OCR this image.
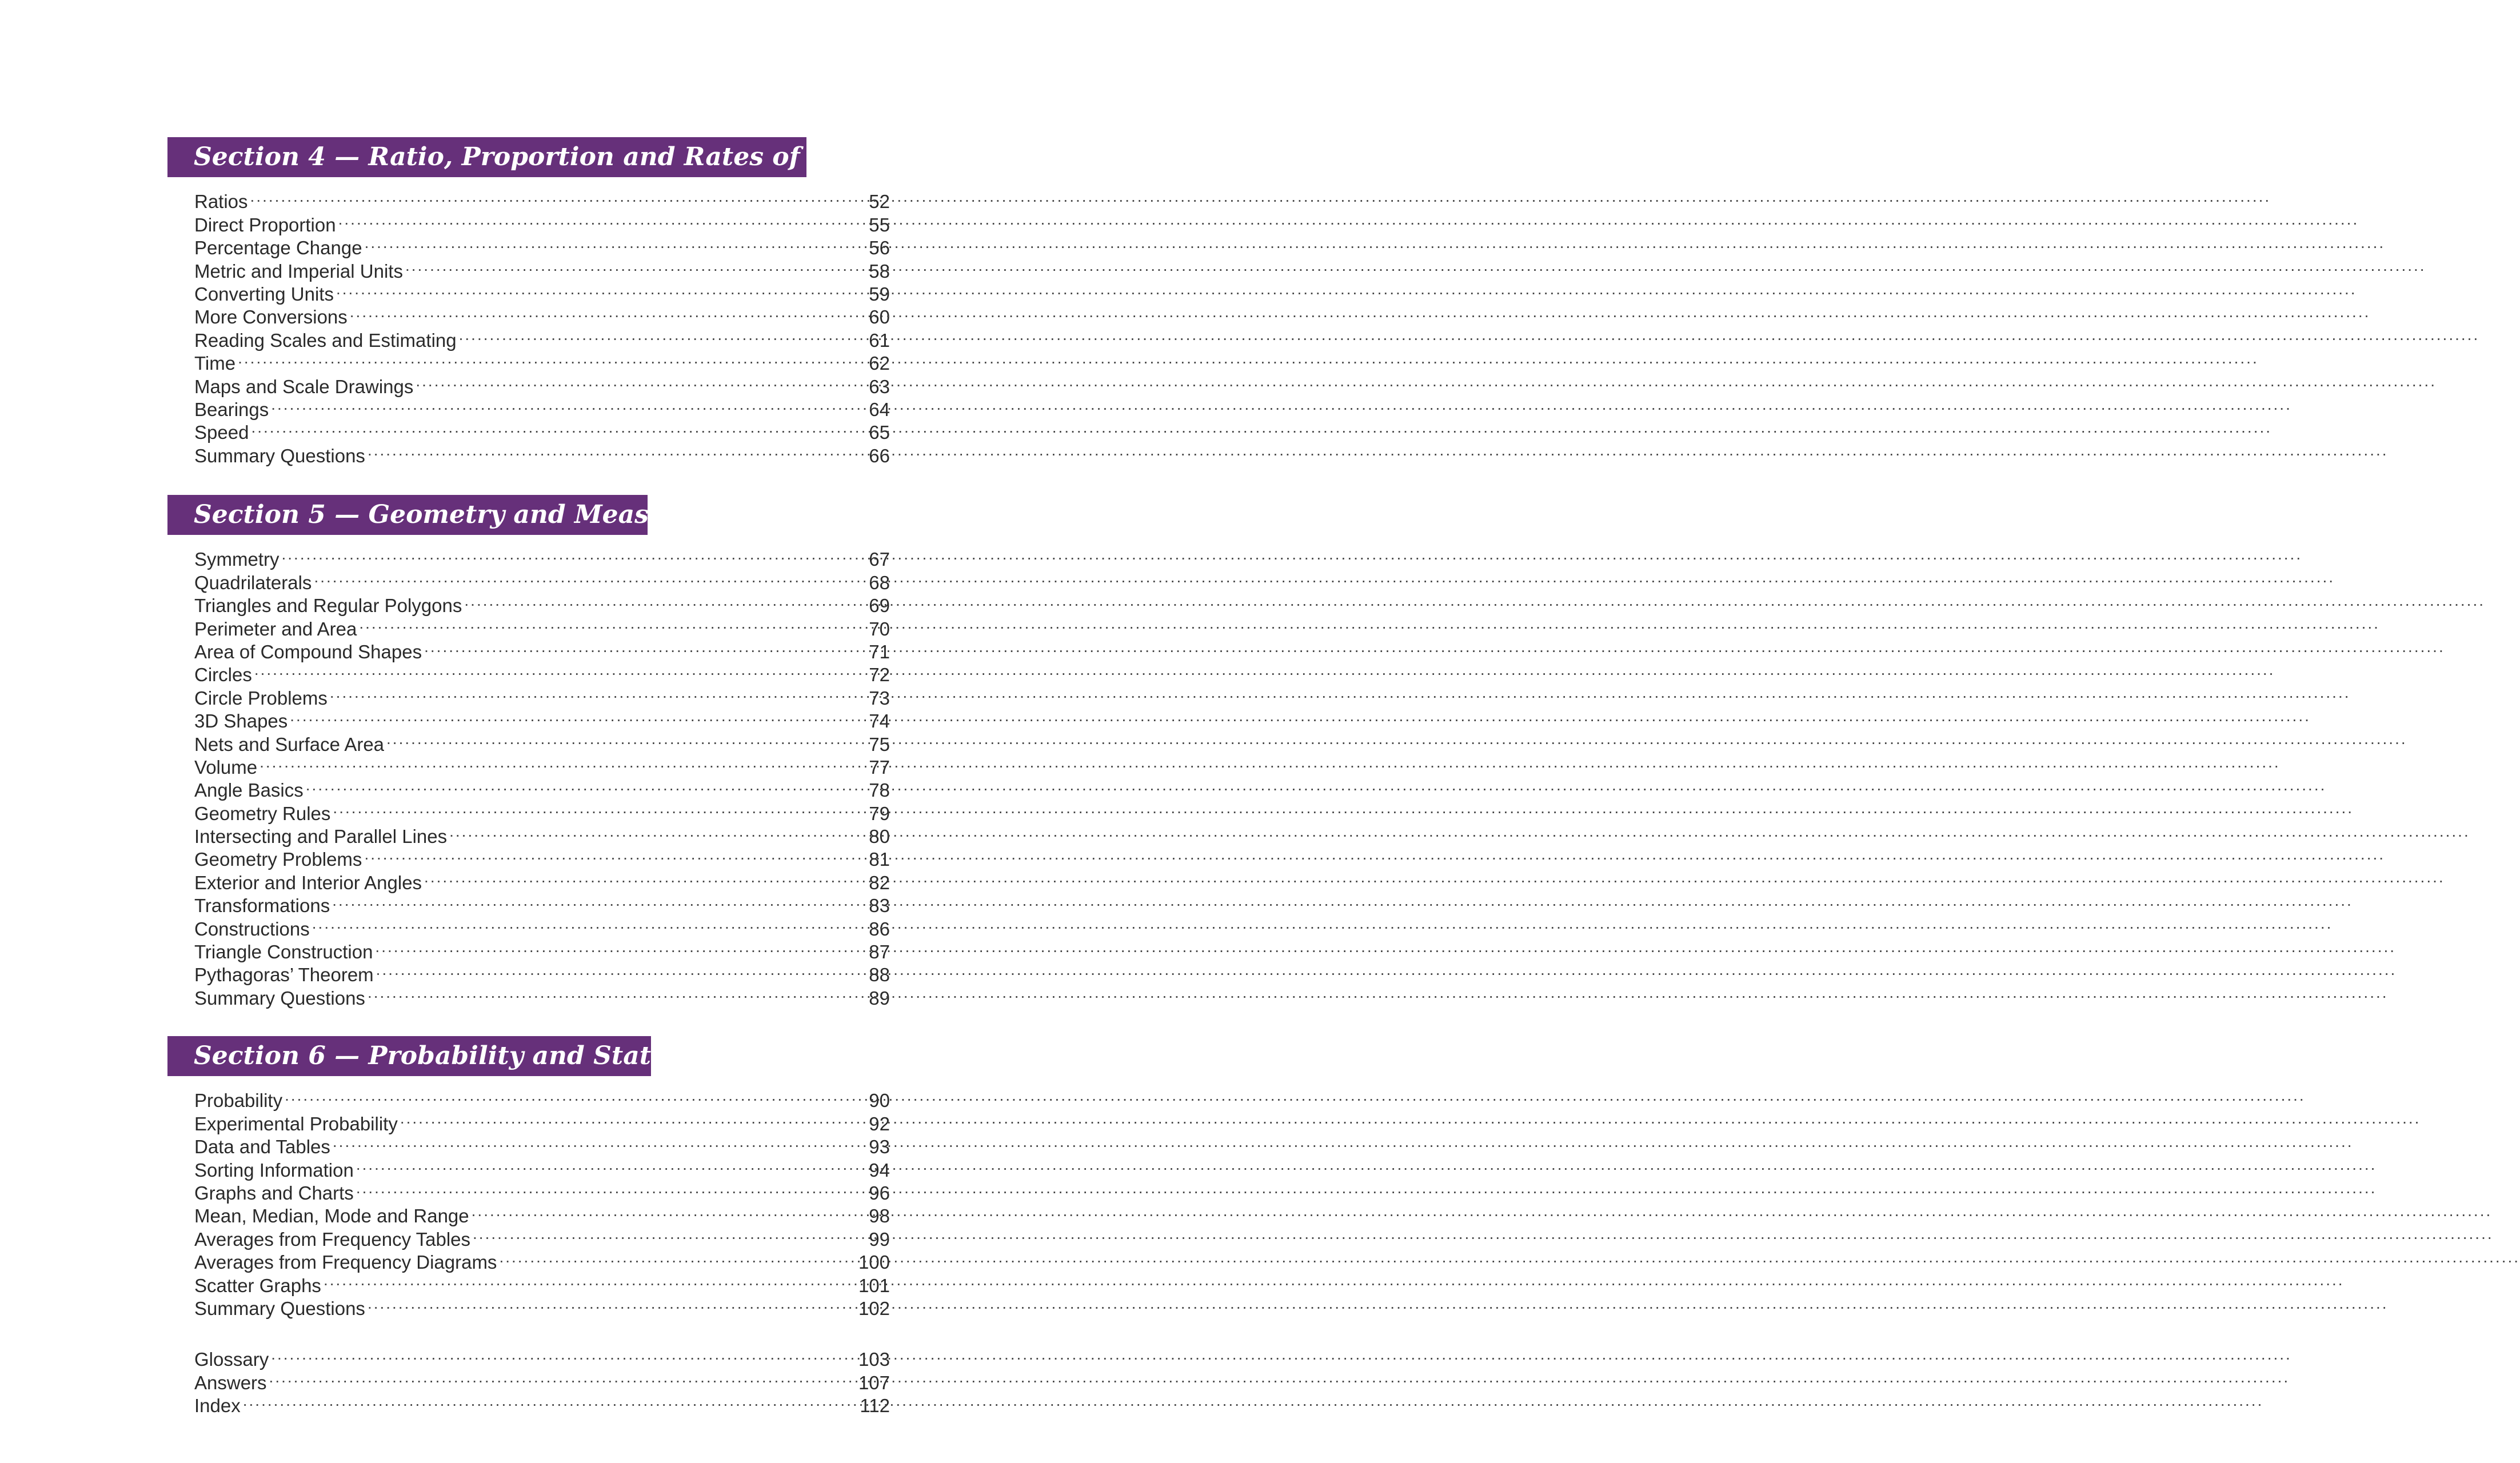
Section 4 — Ratio, Proportion and Rates of Change
Ratios .....	52
Direct Proportion .....	55
Percentage Change .....	56
Metric and Imperial Units .....	58
Converting Units .....	59
More Conversions .....	60
Reading Scales and Estimating .....	61
Time .....	62
Maps and Scale Drawings .....	63
Bearings .....	64
Speed .....	65
Summary Questions .....	66
Section 5 — Geometry and Measures
Symmetry .....	67
Quadrilaterals .....	68
Triangles and Regular Polygons .....	69
Perimeter and Area .....	70
Area of Compound Shapes .....	71
Circles .....	72
Circle Problems .....	73
3D Shapes .....	74
Nets and Surface Area .....	75
Volume .....	77
Angle Basics .....	78
Geometry Rules .....	79
Intersecting and Parallel Lines .....	80
Geometry Problems .....	81
Exterior and Interior Angles .....	82
Transformations .....	83
Constructions .....	86
Triangle Construction .....	87
Pythagoras’ Theorem .....	88
Summary Questions .....	89
Section 6 — Probability and Statistics
Probability .....	90
Experimental Probability .....	92
Data and Tables .....	93
Sorting Information .....	94
Graphs and Charts .....	96
Mean, Median, Mode and Range .....	98
Averages from Frequency Tables .....	99
Averages from Frequency Diagrams .....	100
Scatter Graphs .....	101
Summary Questions .....	102
Glossary .....	103
Answers .....	107
Index .....	112
